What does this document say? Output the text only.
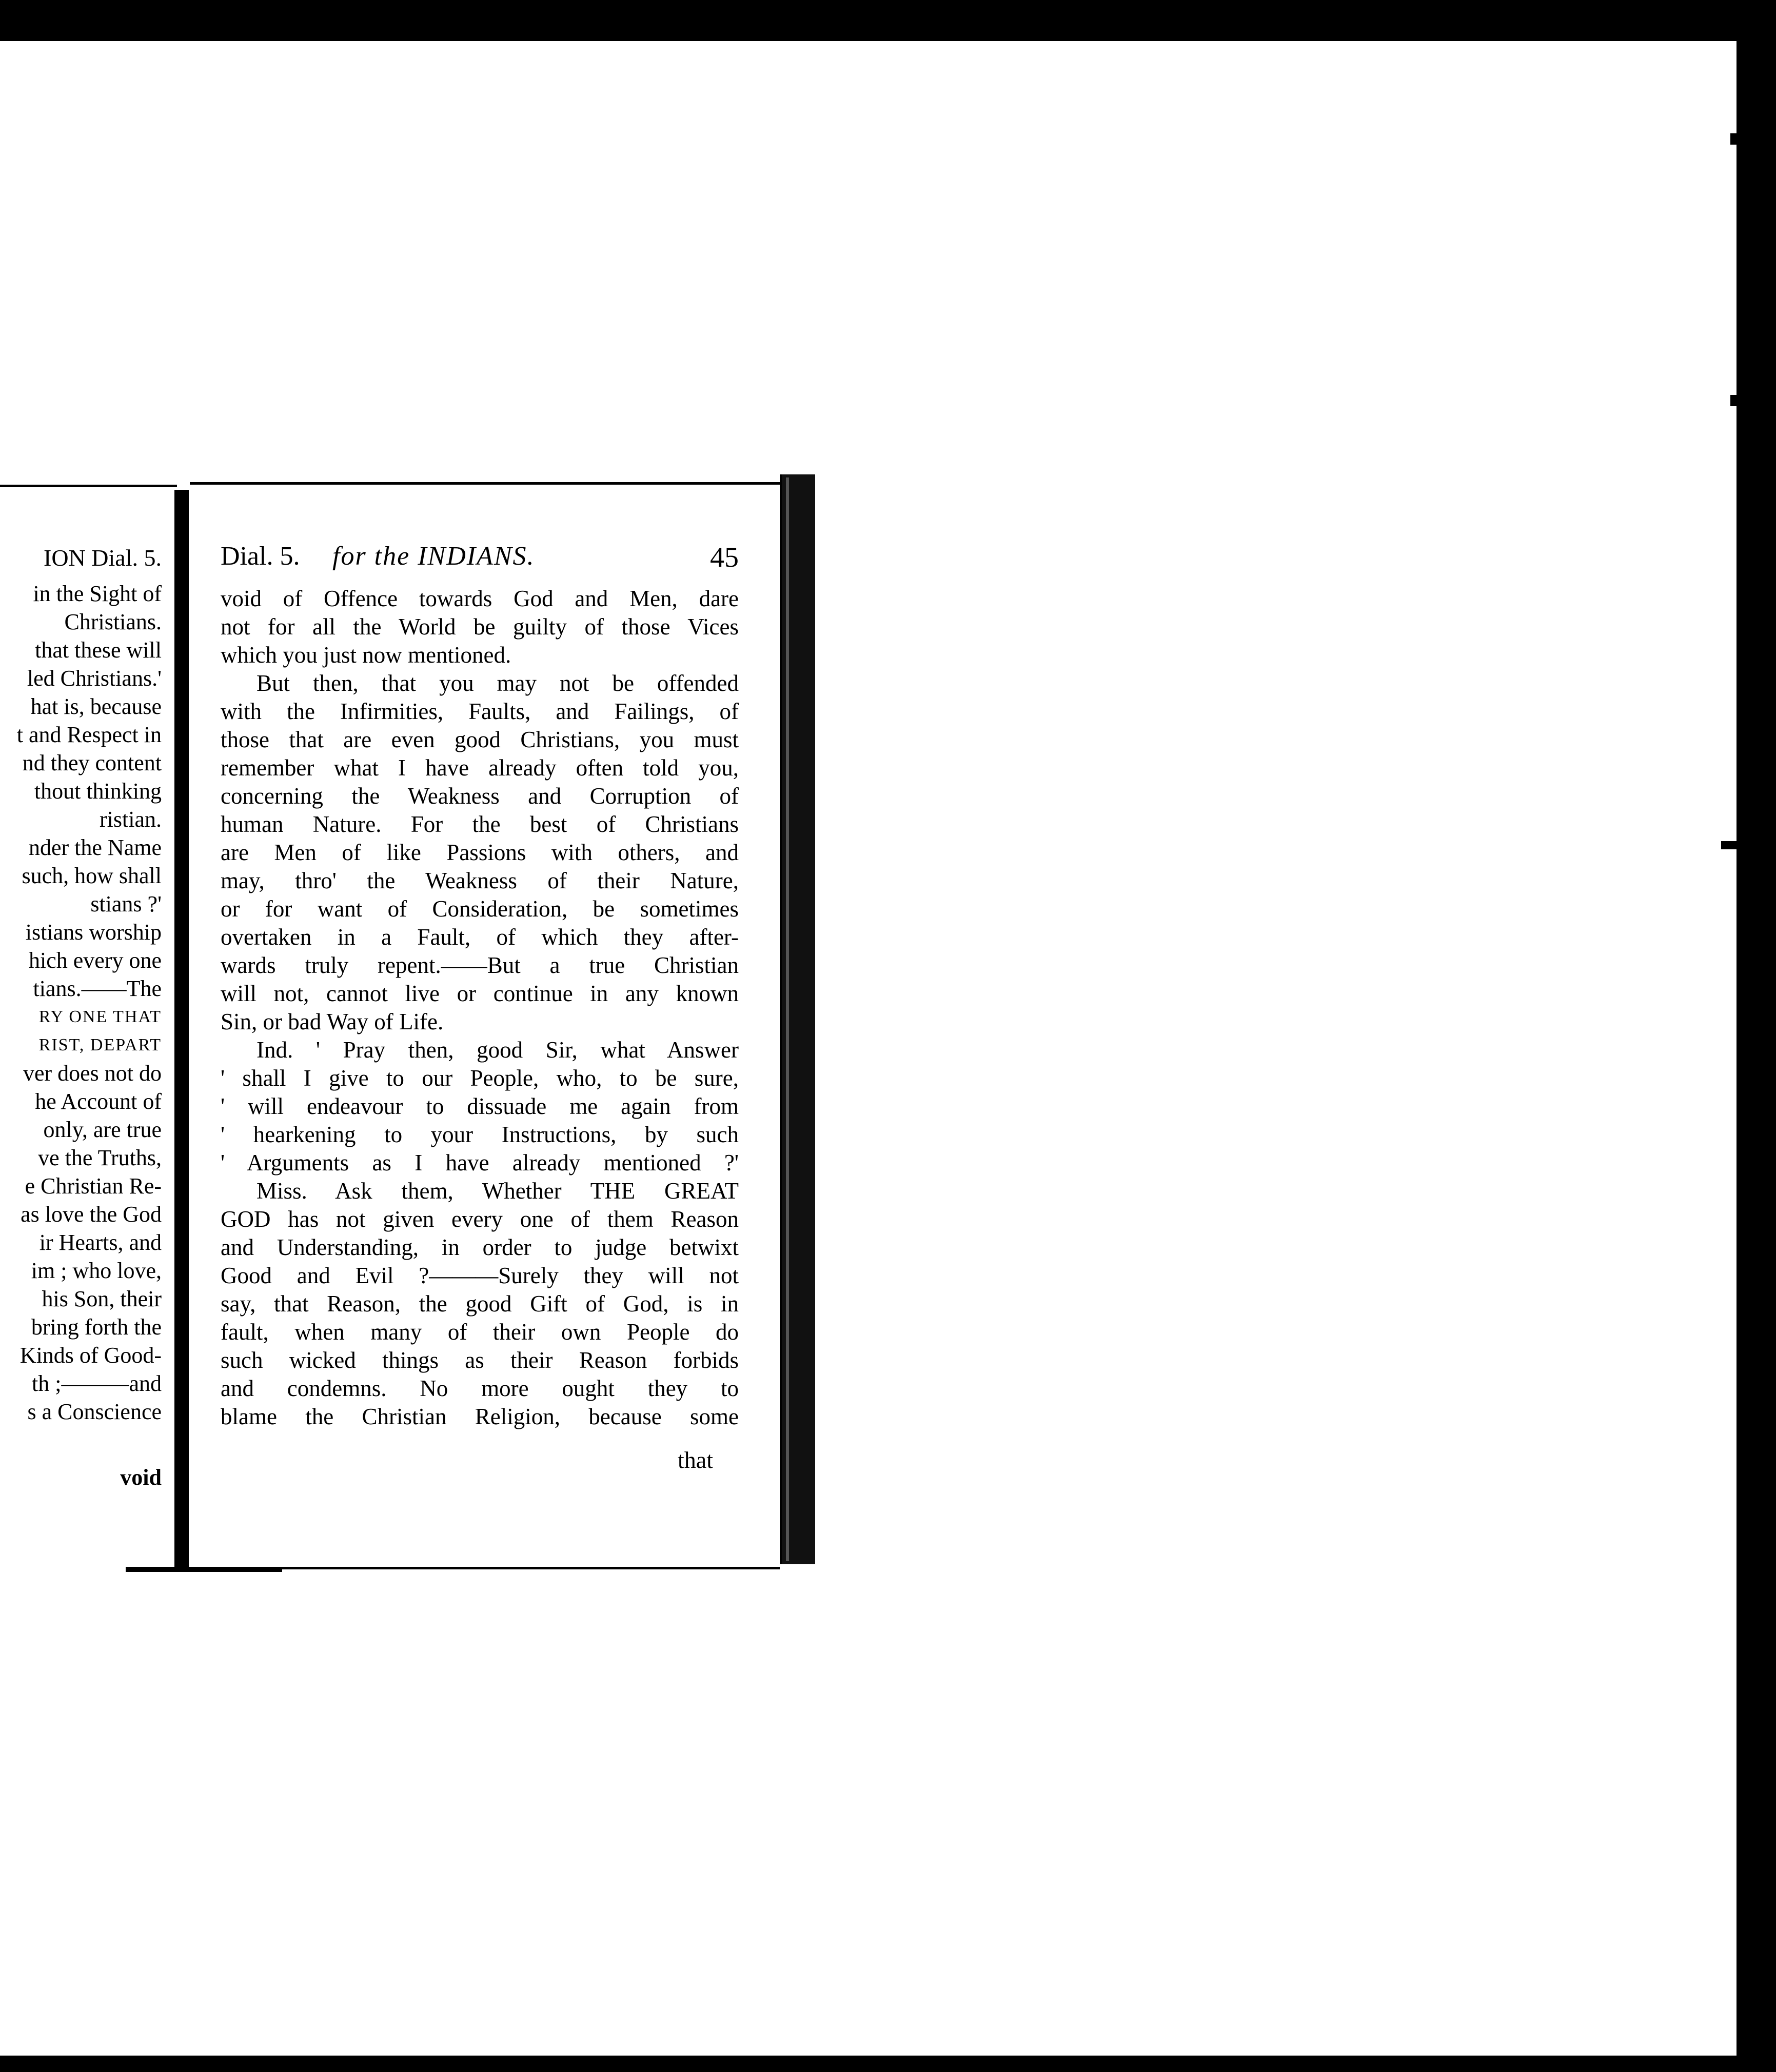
ION Dial. 5.
in the Sight of
Christians.
that these will
led Christians.'
hat is, because
t and Respect in
nd they content
thout thinking
ristian.
nder the Name
such, how shall
stians ?'
istians worship
hich every one
tians.——The
RY ONE THAT
RIST, DEPART
ver does not do
he Account of
only, are true
ve the Truths,
e Christian Re-
as love the God
ir Hearts, and
im ; who love,
his Son, their
bring forth the
Kinds of Good-
th ;———and
s a Conscience
void
Dial. 5. for the INDIANS.	45
void of Offence towards God and Men, dare
not for all the World be guilty of those Vices
which you just now mentioned.
But then, that you may not be offended
with the Infirmities, Faults, and Failings, of
those that are even good Christians, you must
remember what I have already often told you,
concerning the Weakness and Corruption of
human Nature. For the best of Christians
are Men of like Passions with others, and
may, thro' the Weakness of their Nature,
or for want of Consideration, be sometimes
overtaken in a Fault, of which they after-
wards truly repent.——But a true Christian
will not, cannot live or continue in any known
Sin, or bad Way of Life.
Ind. ' Pray then, good Sir, what Answer
' shall I give to our People, who, to be sure,
' will endeavour to dissuade me again from
' hearkening to your Instructions, by such
' Arguments as I have already mentioned ?'
Miss. Ask them, Whether THE GREAT
GOD has not given every one of them Reason
and Understanding, in order to judge betwixt
Good and Evil ?———Surely they will not
say, that Reason, the good Gift of God, is in
fault, when many of their own People do
such wicked things as their Reason forbids
and condemns. No more ought they to
blame the Christian Religion, because some
that
